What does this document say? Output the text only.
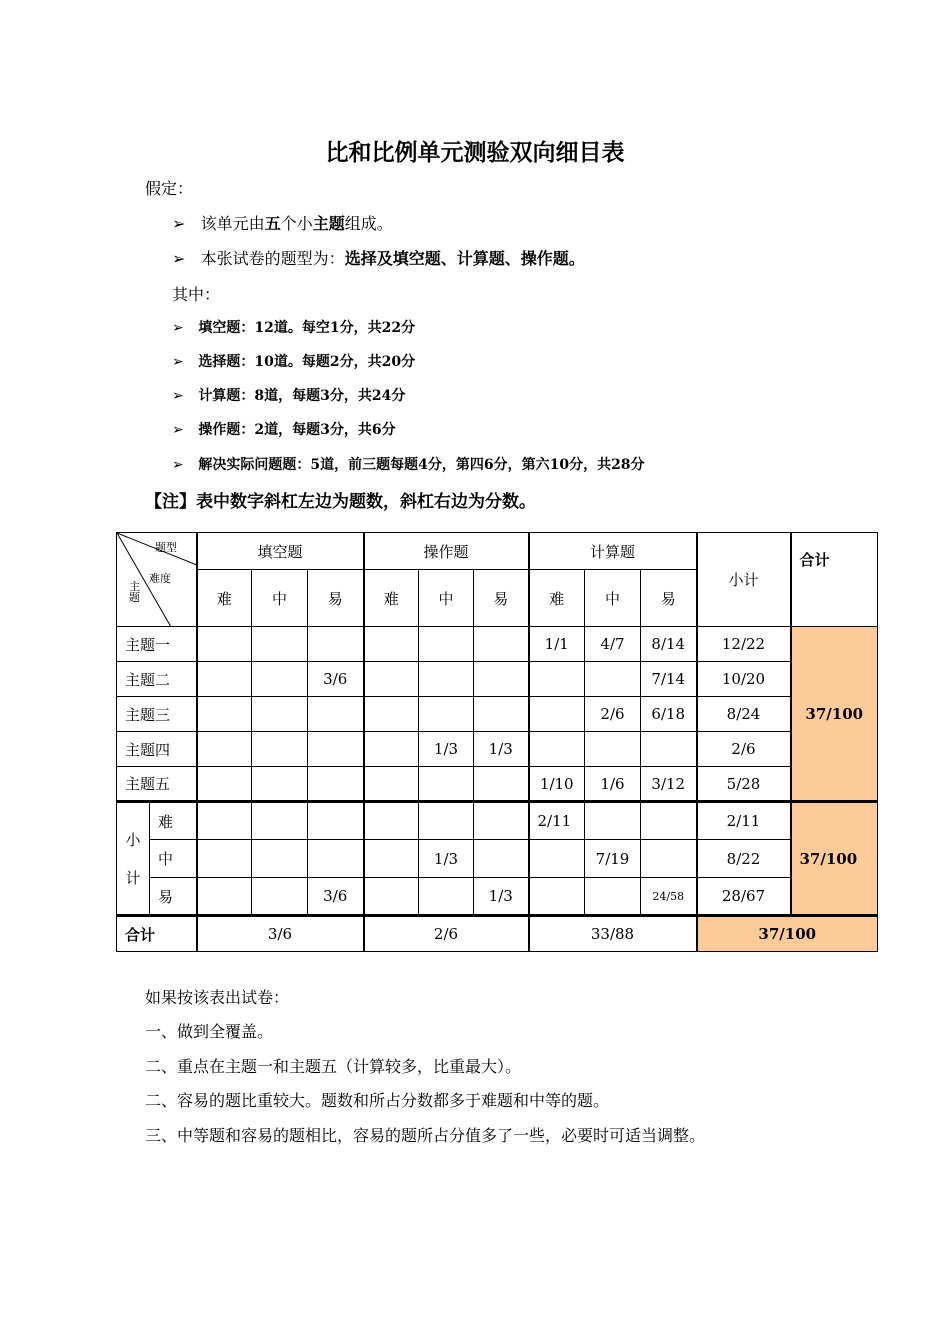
比和比例单元测验双向细目表
假定：
➢ 该单元由五个小主题组成。
➢ 本张试卷的题型为：选择及填空题、计算题、操作题。
其中：
➢ 填空题：12道。每空1分，共22分
➢ 选择题：10道。每题2分，共20分
➢ 计算题：8道，每题3分，共24分
➢ 操作题：2道，每题3分，共6分
➢ 解决实际问题题：5道，前三题每题4分，第四6分，第六10分，共28分
【注】表中数字斜杠左边为题数，斜杠右边为分数。
题型
难度
主题		填空题			操作题			计算题			小计	合计
		难	中	易	难	中	易	难	中	易		
主题一								1/1	4/7	8/14	12/22	37/100
主题二				3/6						7/14	10/20	
主题三									2/6	6/18	8/24	
主题四						1/3	1/3				2/6	
主题五								1/10	1/6	3/12	5/28	

小
计	难							2/11			2/11	37/100
	中					1/3			7/19		8/22	
	易			3/6			1/3			24/58	28/67	
合计		3/6			2/6			33/88			37/100	
如果按该表出试卷：
一、做到全覆盖。
二、重点在主题一和主题五（计算较多，比重最大）。
二、容易的题比重较大。题数和所占分数都多于难题和中等的题。
三、中等题和容易的题相比，容易的题所占分值多了一些，必要时可适当调整。
